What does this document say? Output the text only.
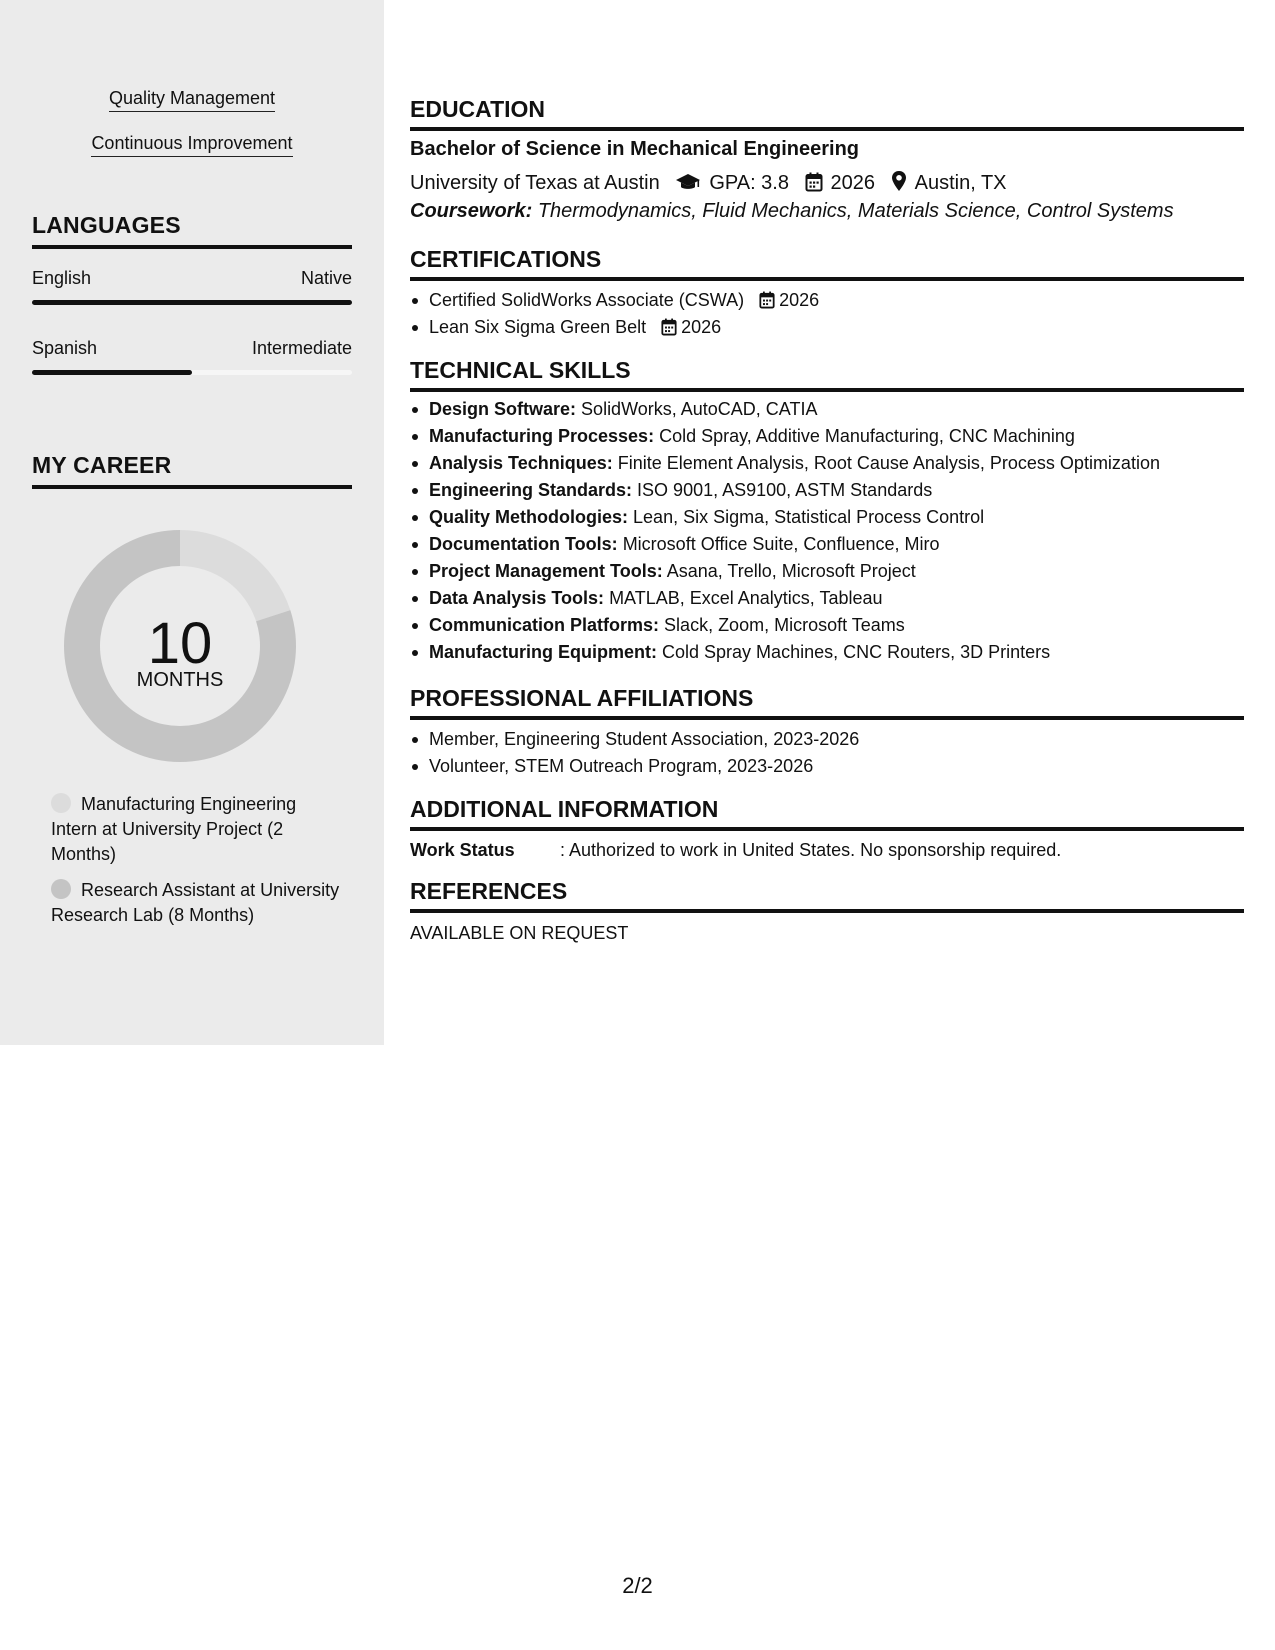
Quality Management
Continuous Improvement
LANGUAGES
English	Native
Spanish	Intermediate
MY CAREER
10
MONTHS
Manufacturing Engineering Intern at University Project (2 Months)
Research Assistant at University Research Lab (8 Months)
EDUCATION
Bachelor of Science in Mechanical Engineering
University of Texas at Austin GPA: 3.8 2026 Austin, TX
Coursework: Thermodynamics, Fluid Mechanics, Materials Science, Control Systems
CERTIFICATIONS
Certified SolidWorks Associate (CSWA) 2026
Lean Six Sigma Green Belt 2026
TECHNICAL SKILLS
Design Software: SolidWorks, AutoCAD, CATIA
Manufacturing Processes: Cold Spray, Additive Manufacturing, CNC Machining
Analysis Techniques: Finite Element Analysis, Root Cause Analysis, Process Optimization
Engineering Standards: ISO 9001, AS9100, ASTM Standards
Quality Methodologies: Lean, Six Sigma, Statistical Process Control
Documentation Tools: Microsoft Office Suite, Confluence, Miro
Project Management Tools: Asana, Trello, Microsoft Project
Data Analysis Tools: MATLAB, Excel Analytics, Tableau
Communication Platforms: Slack, Zoom, Microsoft Teams
Manufacturing Equipment: Cold Spray Machines, CNC Routers, 3D Printers
PROFESSIONAL AFFILIATIONS
Member, Engineering Student Association, 2023-2026
Volunteer, STEM Outreach Program, 2023-2026
ADDITIONAL INFORMATION
Work Status	: Authorized to work in United States. No sponsorship required.
REFERENCES
AVAILABLE ON REQUEST
2/2
